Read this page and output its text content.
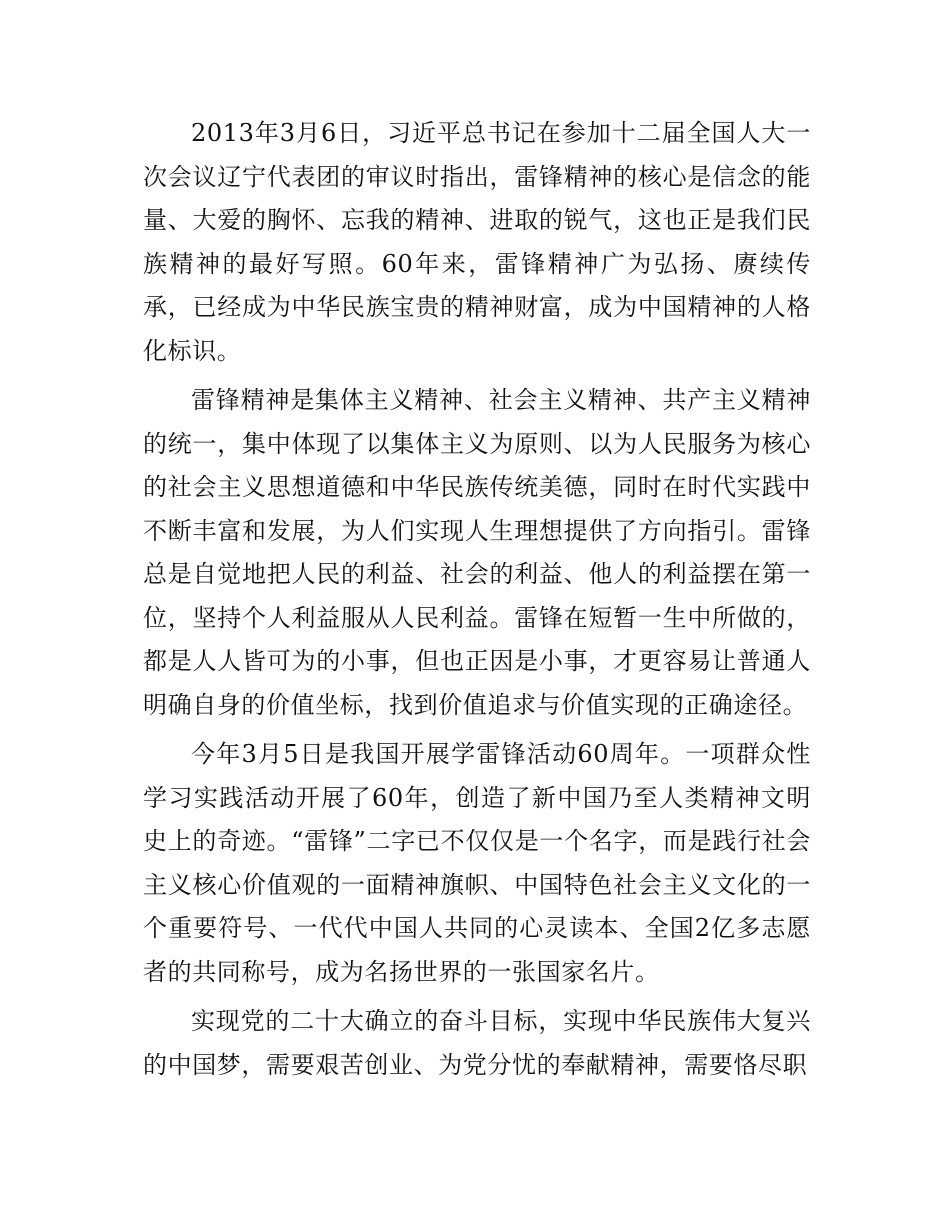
2013年3月6日，习近平总书记在参加十二届全国人大一次会议辽宁代表团的审议时指出，雷锋精神的核心是信念的能量、大爱的胸怀、忘我的精神、进取的锐气，这也正是我们民族精神的最好写照。60年来，雷锋精神广为弘扬、赓续传承，已经成为中华民族宝贵的精神财富，成为中国精神的人格化标识。

雷锋精神是集体主义精神、社会主义精神、共产主义精神的统一，集中体现了以集体主义为原则、以为人民服务为核心的社会主义思想道德和中华民族传统美德，同时在时代实践中不断丰富和发展，为人们实现人生理想提供了方向指引。雷锋总是自觉地把人民的利益、社会的利益、他人的利益摆在第一位，坚持个人利益服从人民利益。雷锋在短暂一生中所做的，都是人人皆可为的小事，但也正因是小事，才更容易让普通人明确自身的价值坐标，找到价值追求与价值实现的正确途径。

今年3月5日是我国开展学雷锋活动60周年。一项群众性学习实践活动开展了60年，创造了新中国乃至人类精神文明史上的奇迹。“雷锋”二字已不仅仅是一个名字，而是践行社会主义核心价值观的一面精神旗帜、中国特色社会主义文化的一个重要符号、一代代中国人共同的心灵读本、全国2亿多志愿者的共同称号，成为名扬世界的一张国家名片。

实现党的二十大确立的奋斗目标，实现中华民族伟大复兴的中国梦，需要艰苦创业、为党分忧的奉献精神，需要恪尽职
